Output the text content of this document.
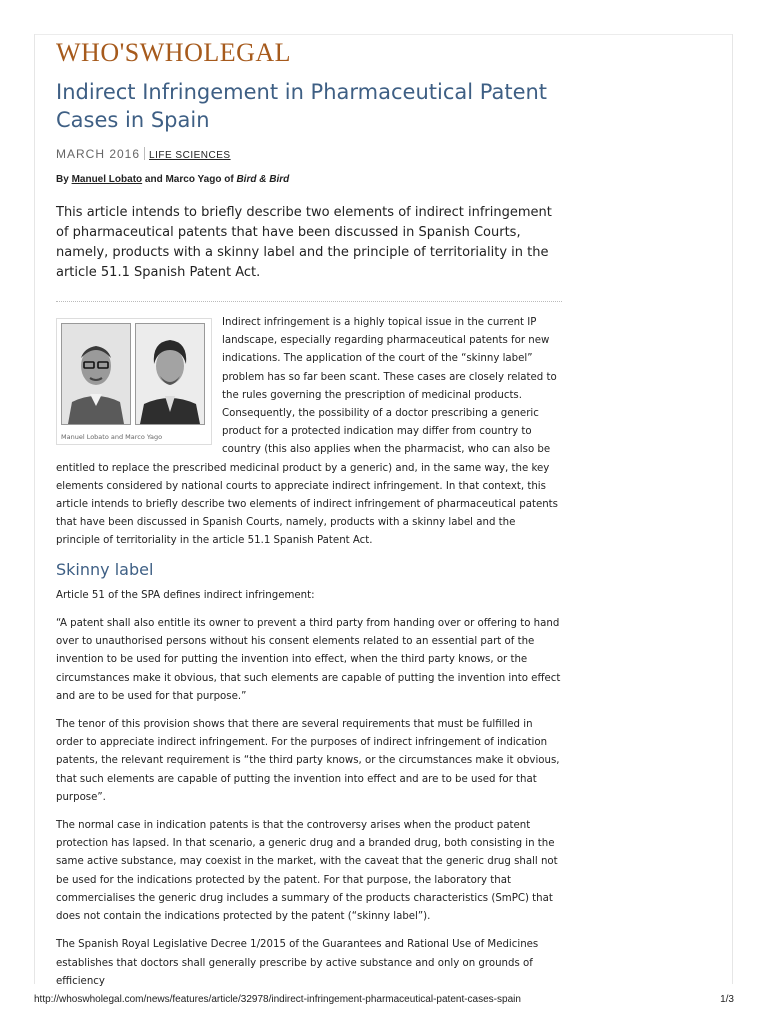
WHO'SWHOLEGAL
Indirect Infringement in Pharmaceutical Patent Cases in Spain
MARCH 2016 LIFE SCIENCES
By Manuel Lobato and Marco Yago of Bird & Bird
This article intends to briefly describe two elements of indirect infringement of pharmaceutical patents that have been discussed in Spanish Courts, namely, products with a skinny label and the principle of territoriality in the article 51.1 Spanish Patent Act.
Manuel Lobato and Marco Yago

Indirect infringement is a highly topical issue in the current IP landscape, especially regarding pharmaceutical patents for new indications. The application of the court of the “skinny label” problem has so far been scant. These cases are closely related to the rules governing the prescription of medicinal products. Consequently, the possibility of a doctor prescribing a generic product for a protected indication may differ from country to country (this also applies when the pharmacist, who can also be entitled to replace the prescribed medicinal product by a generic) and, in the same way, the key elements considered by national courts to appreciate indirect infringement. In that context, this article intends to briefly describe two elements of indirect infringement of pharmaceutical patents that have been discussed in Spanish Courts, namely, products with a skinny label and the principle of territoriality in the article 51.1 Spanish Patent Act.

Skinny label

Article 51 of the SPA defines indirect infringement:

“A patent shall also entitle its owner to prevent a third party from handing over or offering to hand over to unauthorised persons without his consent elements related to an essential part of the invention to be used for putting the invention into effect, when the third party knows, or the circumstances make it obvious, that such elements are capable of putting the invention into effect and are to be used for that purpose.”

The tenor of this provision shows that there are several requirements that must be fulfilled in order to appreciate indirect infringement. For the purposes of indirect infringement of indication patents, the relevant requirement is “the third party knows, or the circumstances make it obvious, that such elements are capable of putting the invention into effect and are to be used for that purpose”.

The normal case in indication patents is that the controversy arises when the product patent protection has lapsed. In that scenario, a generic drug and a branded drug, both consisting in the same active substance, may coexist in the market, with the caveat that the generic drug shall not be used for the indications protected by the patent. For that purpose, the laboratory that commercialises the generic drug includes a summary of the products characteristics (SmPC) that does not contain the indications protected by the patent (“skinny label”).

The Spanish Royal Legislative Decree 1/2015 of the Guarantees and Rational Use of Medicines establishes that doctors shall generally prescribe by active substance and only on grounds of efficiency

http://whoswholegal.com/news/features/article/32978/indirect-infringement-pharmaceutical-patent-cases-spain	1/3
